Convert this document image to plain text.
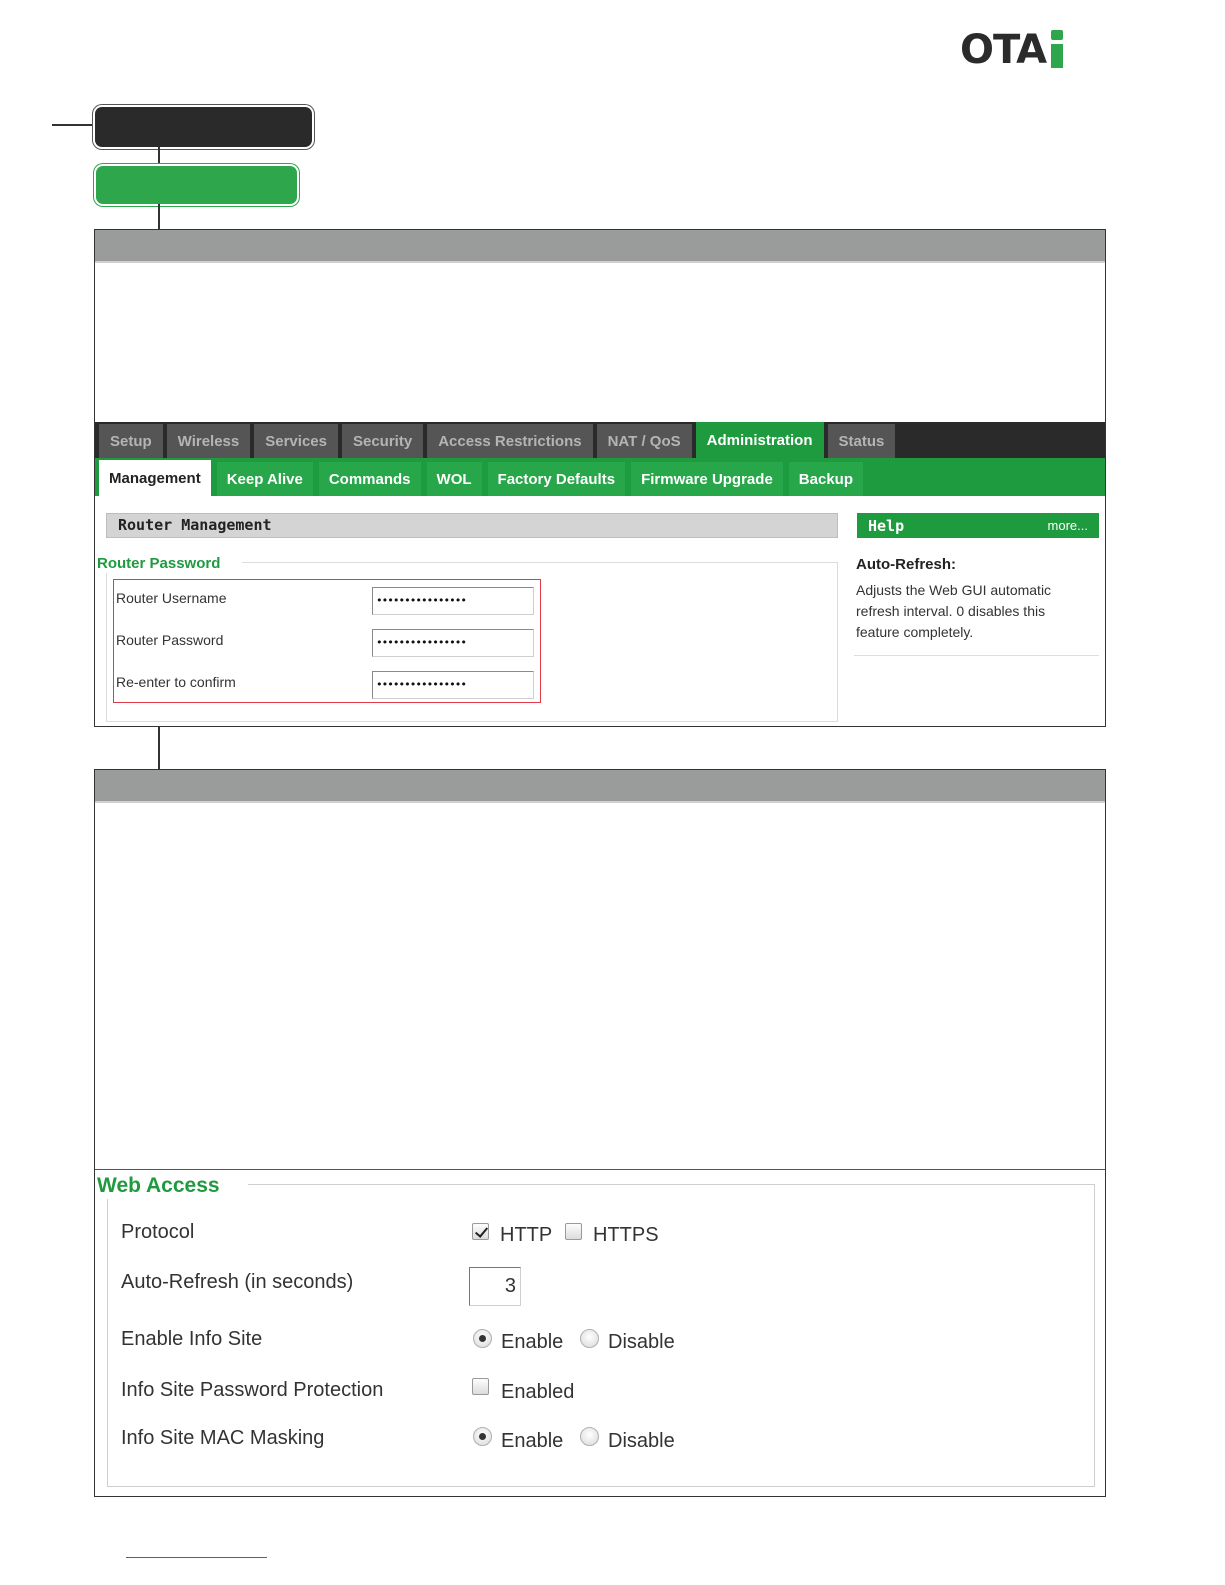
OTA
Setup	Wireless	Services	Security	Access Restrictions	NAT / QoS	Administration	Status
Management	Keep Alive	Commands	WOL	Factory Defaults	Firmware Upgrade	Backup
Router Management
Router Password
Router Username	••••••••••••••••
Router Password	••••••••••••••••
Re-enter to confirm	••••••••••••••••
Help	more...
Auto-Refresh:
Adjusts the Web GUI automatic refresh interval. 0 disables this feature completely.
Web Access
Protocol	HTTP HTTPS
Auto-Refresh (in seconds)	3
Enable Info Site	Enable Disable
Info Site Password Protection	Enabled
Info Site MAC Masking	Enable Disable
